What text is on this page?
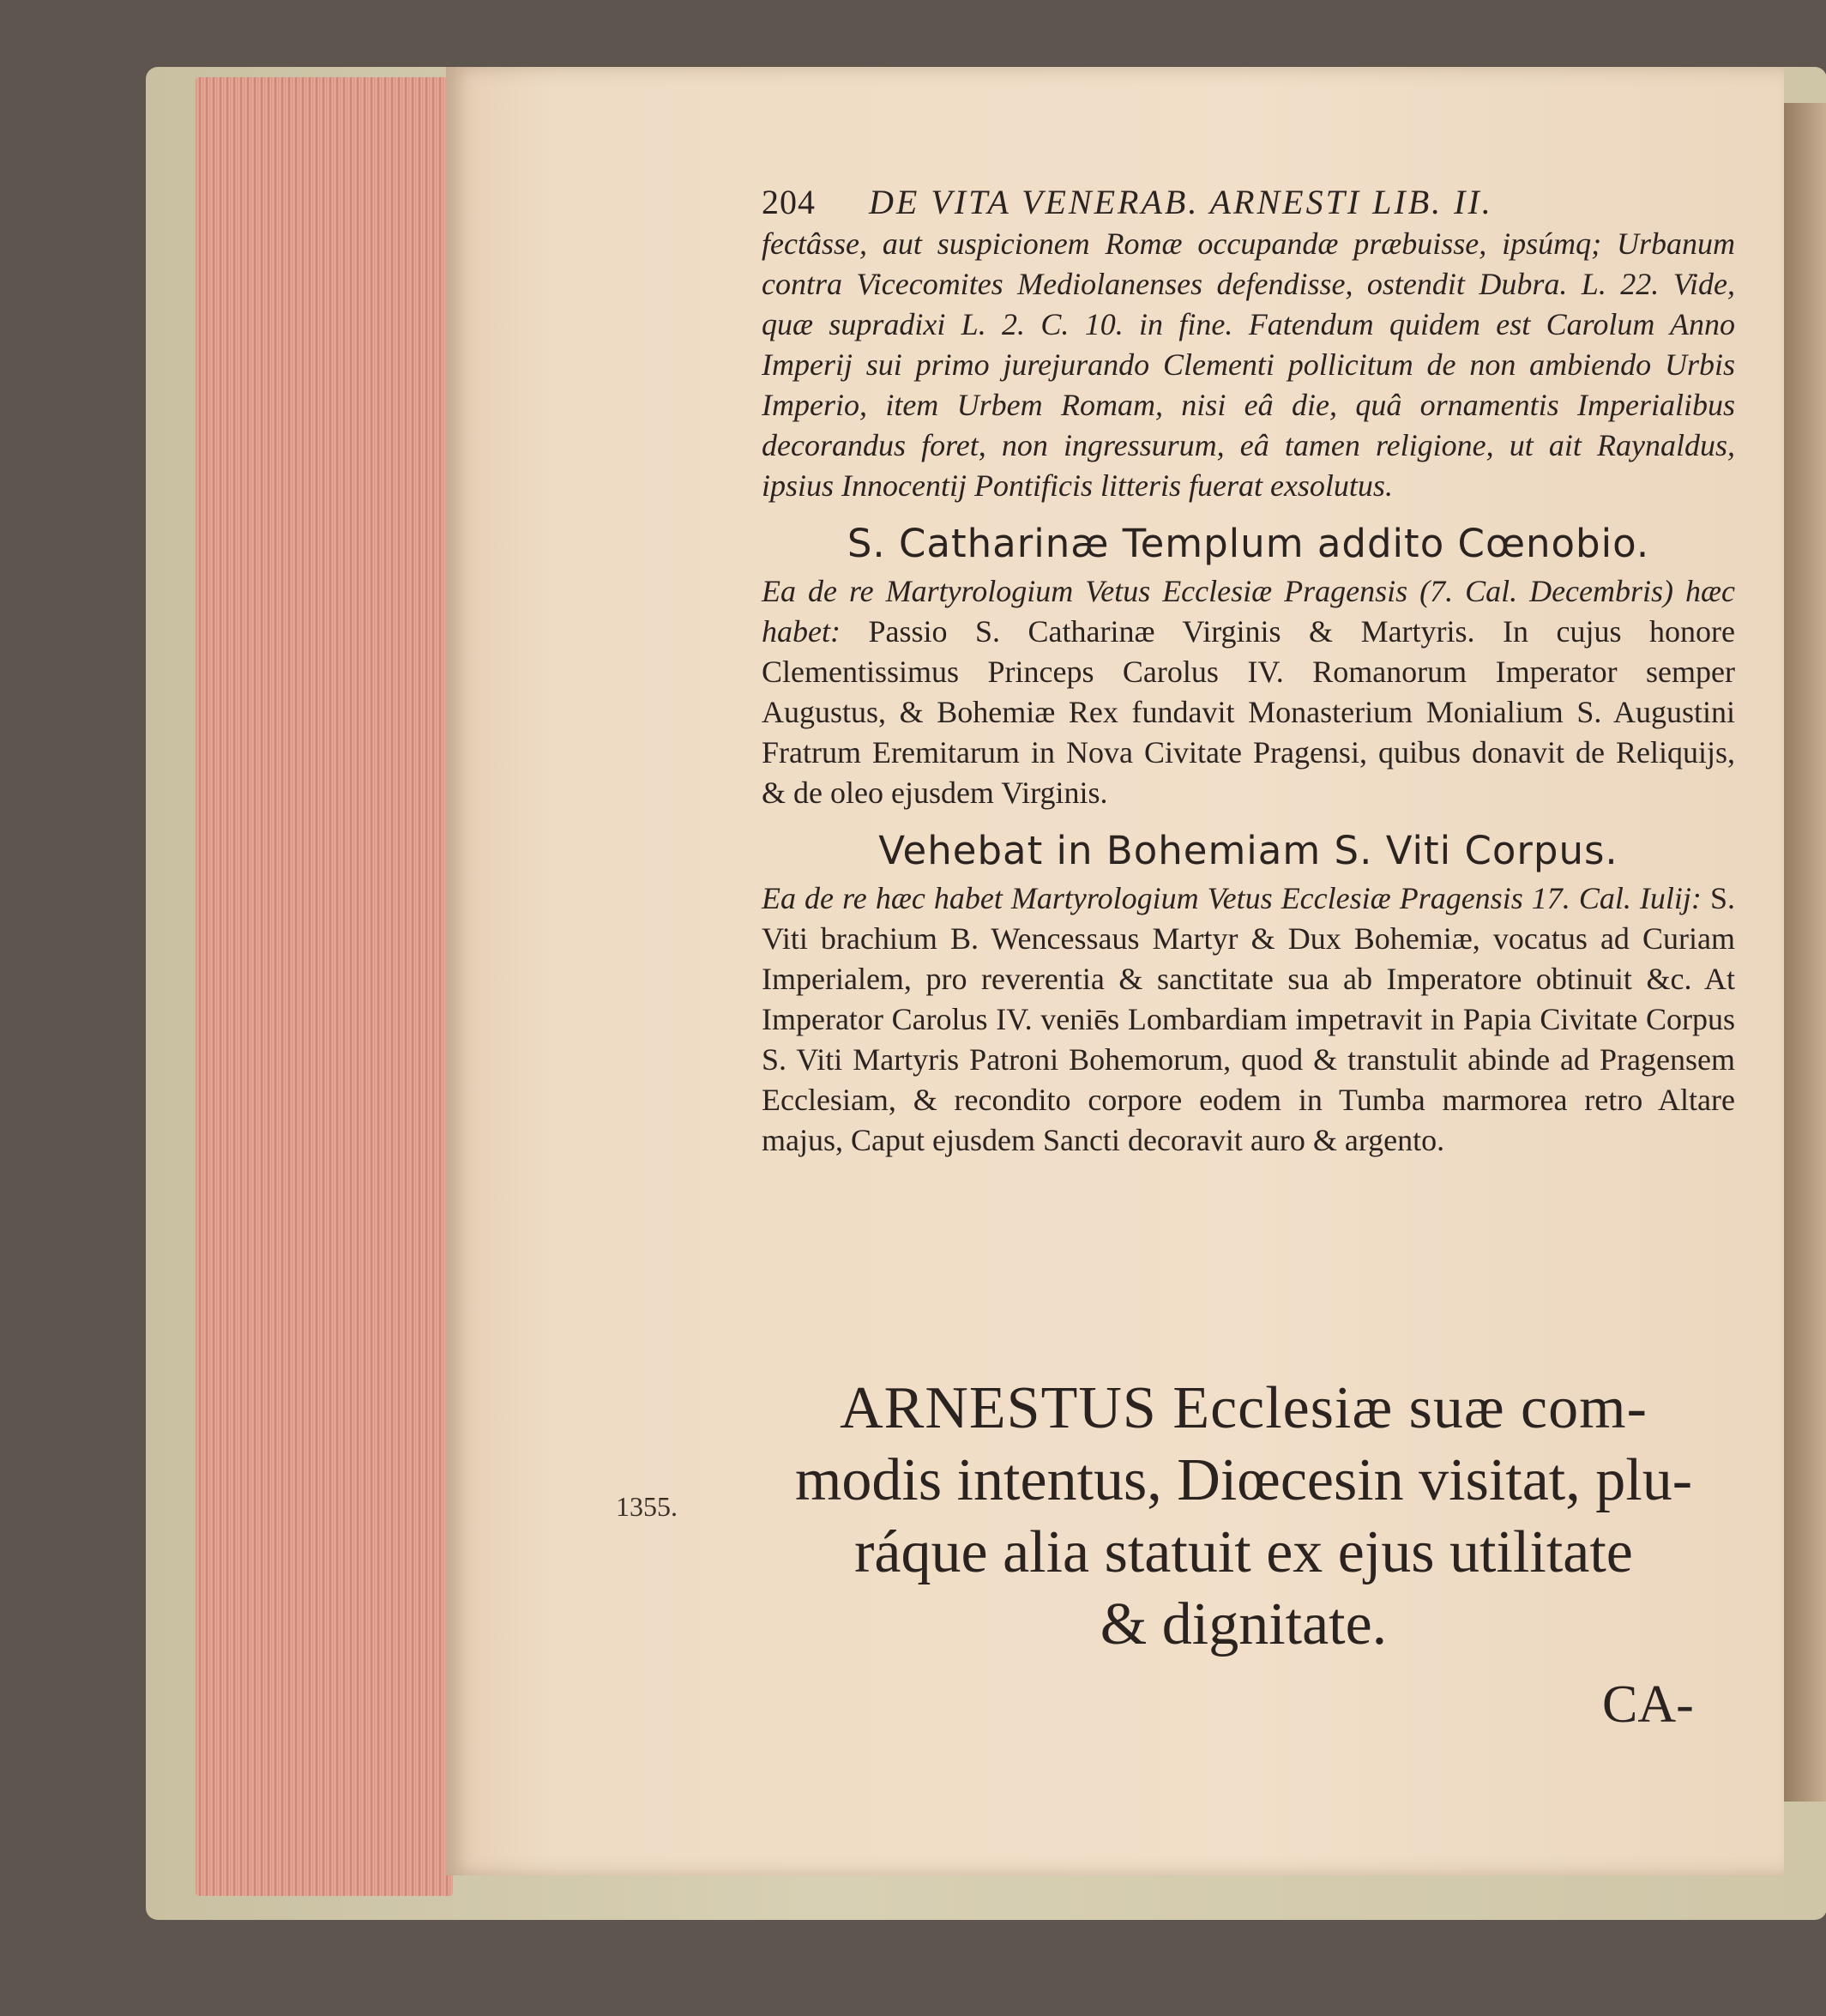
204 DE VITA VENERAB. ARNESTI LIB. II.

fectâsse, aut suspicionem Romæ occupandæ præbuisse, ipsúmq; Urbanum contra Vicecomites Mediolanenses defendisse, ostendit Dubra. L. 22. Vide, quæ supradixi L. 2. C. 10. in fine. Fatendum quidem est Carolum Anno Imperij sui primo jurejurando Clementi pollicitum de non ambiendo Urbis Imperio, item Urbem Romam, nisi eâ die, quâ ornamentis Imperialibus decorandus foret, non ingressurum, eâ tamen religione, ut ait Raynaldus, ipsius Innocentij Pontificis litteris fuerat exsolutus.

S. Catharinæ Templum addito Cœnobio.

Ea de re Martyrologium Vetus Ecclesiæ Pragensis (7. Cal. Decembris) hæc habet: Passio S. Catharinæ Virginis & Martyris. In cujus honore Clementissimus Princeps Carolus IV. Romanorum Imperator semper Augustus, & Bohemiæ Rex fundavit Monasterium Monialium S. Augustini Fratrum Eremitarum in Nova Civitate Pragensi, quibus donavit de Reliquijs, & de oleo ejusdem Virginis.

Vehebat in Bohemiam S. Viti Corpus.

Ea de re hæc habet Martyrologium Vetus Ecclesiæ Pragensis 17. Cal. Iulij: S. Viti brachium B. Wencessaus Martyr & Dux Bohemiæ, vocatus ad Curiam Imperialem, pro reverentia & sanctitate sua ab Imperatore obtinuit &c. At Imperator Carolus IV. veniēs Lombardiam impetravit in Papia Civitate Corpus S. Viti Martyris Patroni Bohemorum, quod & transtulit abinde ad Pragensem Ecclesiam, & recondito corpore eodem in Tumba marmorea retro Altare majus, Caput ejusdem Sancti decoravit auro & argento.

ARNESTUS Ecclesiæ suæ com-
modis intentus, Diœcesin visitat, plu-
ráque alia statuit ex ejus utilitate
& dignitate.
1355.
CA-
